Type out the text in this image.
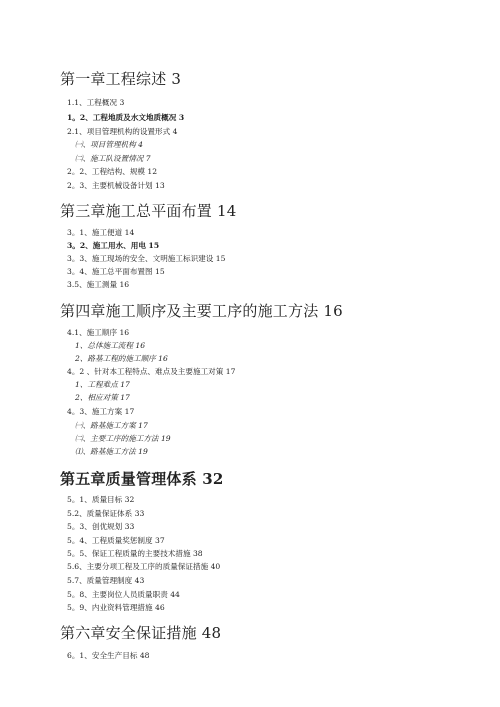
第一章工程综述 3
1.1、工程概况 3
1。2、工程地质及水文地质概况 3
2.1、项目管理机构的设置形式 4
㈠、项目管理机构 4
㈡、施工队设置情况 7
2。2、工程结构、规模 12
2。3、主要机械设备计划 13
第三章施工总平面布置 14
3。1、施工便道 14
3。2、施工用水、用电 15
3。3、施工现场的安全、文明施工标识建设 15
3。4、施工总平面布置图 15
3.5、施工测量 16
第四章施工顺序及主要工序的施工方法 16
4.1、施工顺序 16
1、总体施工流程 16
2、路基工程的施工顺序 16
4。2 、针对本工程特点、难点及主要施工对策 17
1、工程难点 17
2、相应对策 17
4。3、施工方案 17
㈠、路基施工方案 17
㈡、主要工序的施工方法 19
⑴、路基施工方法 19
第五章质量管理体系 32
5。1、质量目标 32
5.2、质量保证体系 33
5。3、创优规划 33
5。4、工程质量奖惩制度 37
5。5、保证工程质量的主要技术措施 38
5.6、主要分项工程及工序的质量保证措施 40
5.7、质量管理制度 43
5。8、主要岗位人员质量职责 44
5。9、内业资料管理措施 46
第六章安全保证措施 48
6。1、安全生产目标 48
